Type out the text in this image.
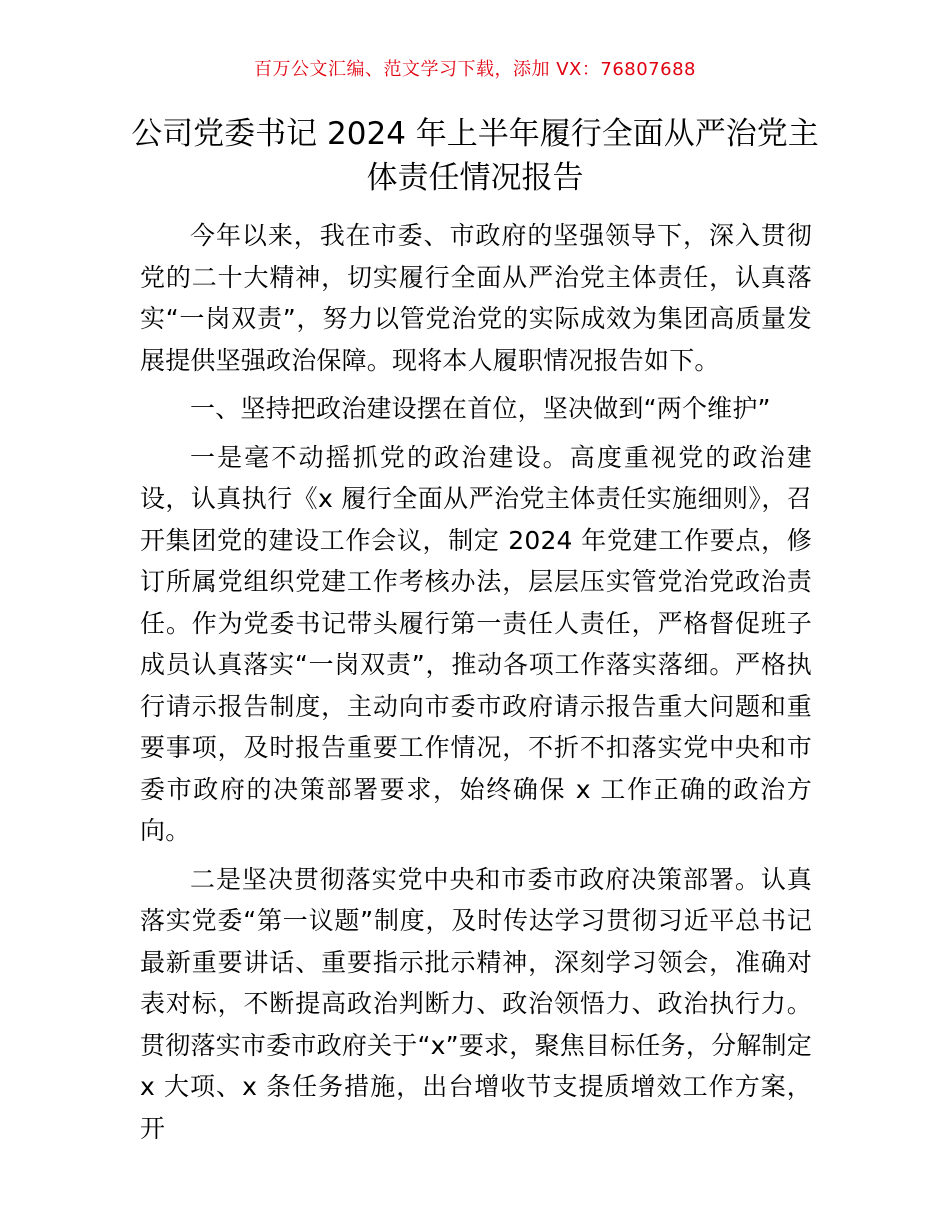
百万公文汇编、范文学习下载，添加 VX：76807688
公司党委书记 2024 年上半年履行全面从严治党主体责任情况报告

今年以来，我在市委、市政府的坚强领导下，深入贯彻党的二十大精神，切实履行全面从严治党主体责任，认真落实“一岗双责”，努力以管党治党的实际成效为集团高质量发展提供坚强政治保障。现将本人履职情况报告如下。

一、坚持把政治建设摆在首位，坚决做到“两个维护”

一是毫不动摇抓党的政治建设。高度重视党的政治建设，认真执行《x 履行全面从严治党主体责任实施细则》，召开集团党的建设工作会议，制定 2024 年党建工作要点，修订所属党组织党建工作考核办法，层层压实管党治党政治责任。作为党委书记带头履行第一责任人责任，严格督促班子成员认真落实“一岗双责”，推动各项工作落实落细。严格执行请示报告制度，主动向市委市政府请示报告重大问题和重要事项，及时报告重要工作情况，不折不扣落实党中央和市委市政府的决策部署要求，始终确保 x 工作正确的政治方向。

二是坚决贯彻落实党中央和市委市政府决策部署。认真落实党委“第一议题”制度，及时传达学习贯彻习近平总书记最新重要讲话、重要指示批示精神，深刻学习领会，准确对表对标，不断提高政治判断力、政治领悟力、政治执行力。贯彻落实市委市政府关于“x”要求，聚焦目标任务，分解制定 x 大项、x 条任务措施，出台增收节支提质增效工作方案，开
